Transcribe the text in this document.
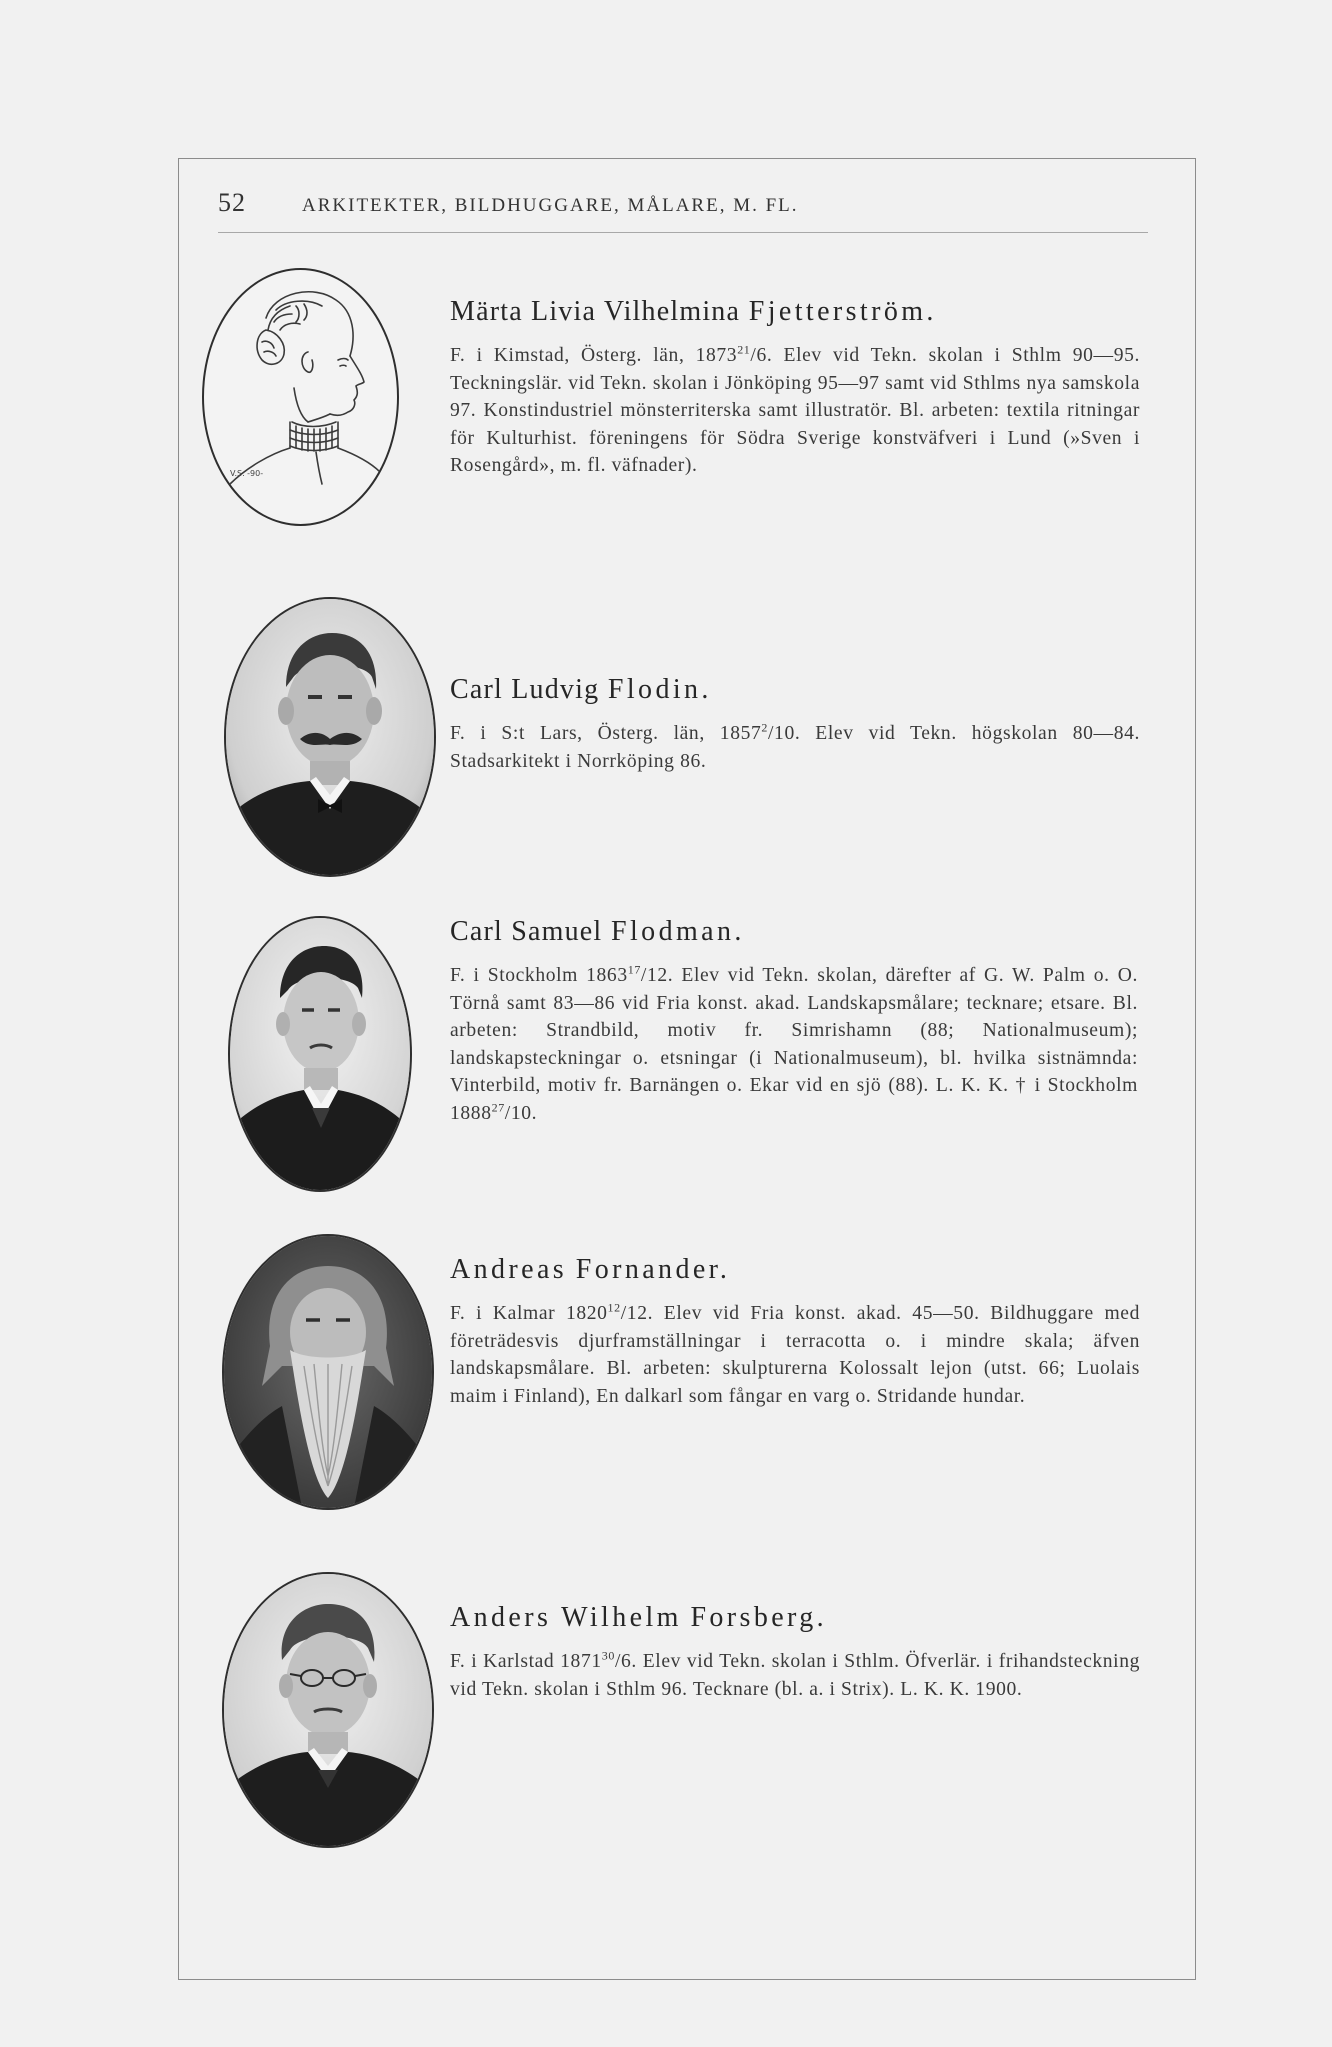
52	ARKITEKTER, BILDHUGGARE, MÅLARE, M. FL.
V.S. -90-
Märta Livia Vilhelmina Fjetterström.
F. i Kimstad, Österg. län, 1873$^{21}$/6. Elev vid Tekn. skolan i Sthlm 90—95. Teckningslär. vid Tekn. skolan i Jönköping 95—97 samt vid Sthlms nya samskola 97. Konstindustriel mönsterriterska samt illustratör. Bl. arbeten: textila ritningar för Kulturhist. föreningens för Södra Sverige konstväfveri i Lund (»Sven i Rosengård», m. fl. väfnader).
Carl Ludvig Flodin.
F. i S:t Lars, Österg. län, 1857$^2$/10. Elev vid Tekn. högskolan 80—84. Stadsarkitekt i Norrköping 86.
Carl Samuel Flodman.
F. i Stockholm 1863$^{17}$/12. Elev vid Tekn. skolan, därefter af G. W. Palm o. O. Törnå samt 83—86 vid Fria konst. akad. Landskapsmålare; tecknare; etsare. Bl. arbeten: Strandbild, motiv fr. Simrishamn (88; Nationalmuseum); landskapsteckningar o. etsningar (i Nationalmuseum), bl. hvilka sistnämnda: Vinterbild, motiv fr. Barnängen o. Ekar vid en sjö (88). L. K. K. † i Stockholm 1888$^{27}$/10.
Andreas Fornander.
F. i Kalmar 1820$^{12}$/12. Elev vid Fria konst. akad. 45—50. Bildhuggare med företrädesvis djurframställningar i terracotta o. i mindre skala; äfven landskapsmålare. Bl. arbeten: skulpturerna Kolossalt lejon (utst. 66; Luolais maim i Finland), En dalkarl som fångar en varg o. Stridande hundar.
Anders Wilhelm Forsberg.
F. i Karlstad 1871$^{30}$/6. Elev vid Tekn. skolan i Sthlm. Öfverlär. i frihandsteckning vid Tekn. skolan i Sthlm 96. Tecknare (bl. a. i Strix). L. K. K. 1900.
